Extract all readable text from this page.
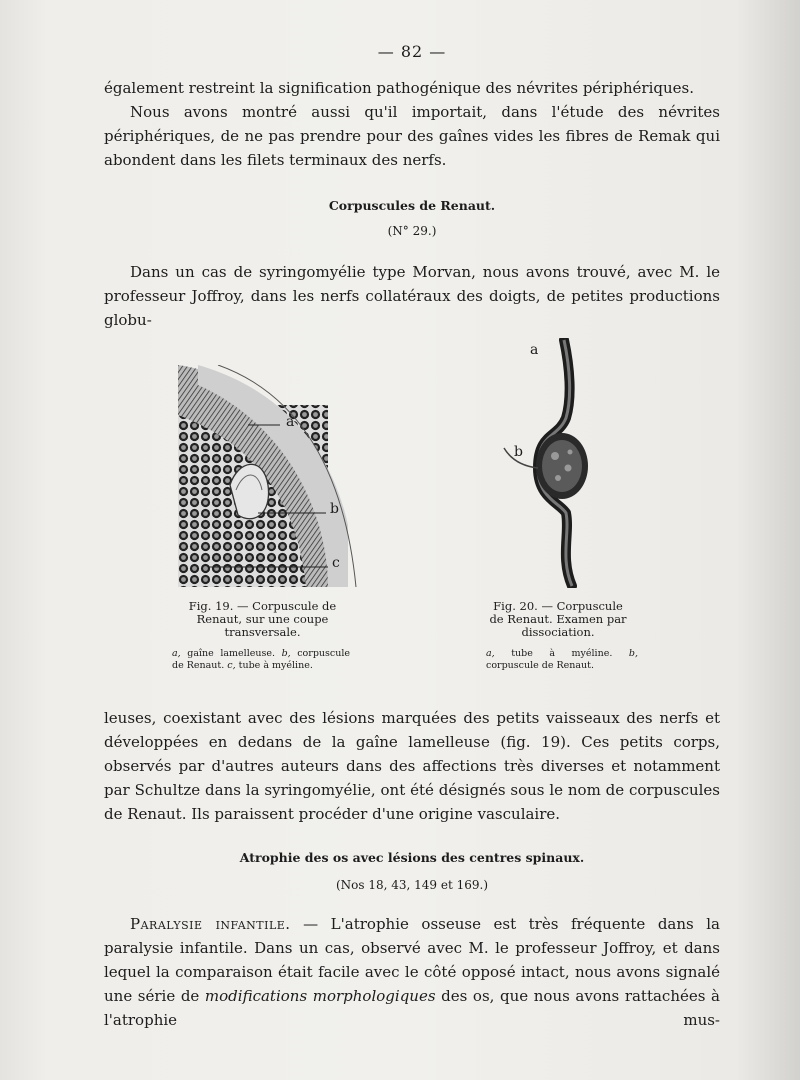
— 82 —

également restreint la signification pathogénique des névrites périphériques.

Nous avons montré aussi qu'il importait, dans l'étude des névrites périphériques, de ne pas prendre pour des gaînes vides les fibres de Remak qui abondent dans les filets terminaux des nerfs.

Corpuscules de Renaut.
(N° 29.)

Dans un cas de syringomyélie type Morvan, nous avons trouvé, avec M. le professeur Joffroy, dans les nerfs collatéraux des doigts, de petites productions globu-

a
b
c
Fig. 19. — Corpuscule de Renaut, sur une coupe transversale.
a, gaîne lamelleuse. b, corpuscule de Renaut. c, tube à myéline.
a
b
Fig. 20. — Corpuscule de Renaut. Examen par dissociation.
a, tube à myéline. b, corpuscule de Renaut.

leuses, coexistant avec des lésions marquées des petits vaisseaux des nerfs et développées en dedans de la gaîne lamelleuse (fig. 19). Ces petits corps, observés par d'autres auteurs dans des affections très diverses et notamment par Schultze dans la syringomyélie, ont été désignés sous le nom de corpuscules de Renaut. Ils paraissent procéder d'une origine vasculaire.

Atrophie des os avec lésions des centres spinaux.
(Nos 18, 43, 149 et 169.)

Paralysie infantile. — L'atrophie osseuse est très fréquente dans la paralysie infantile. Dans un cas, observé avec M. le professeur Joffroy, et dans lequel la comparaison était facile avec le côté opposé intact, nous avons signalé une série de modifications morphologiques des os, que nous avons rattachées à l'atrophie mus-
